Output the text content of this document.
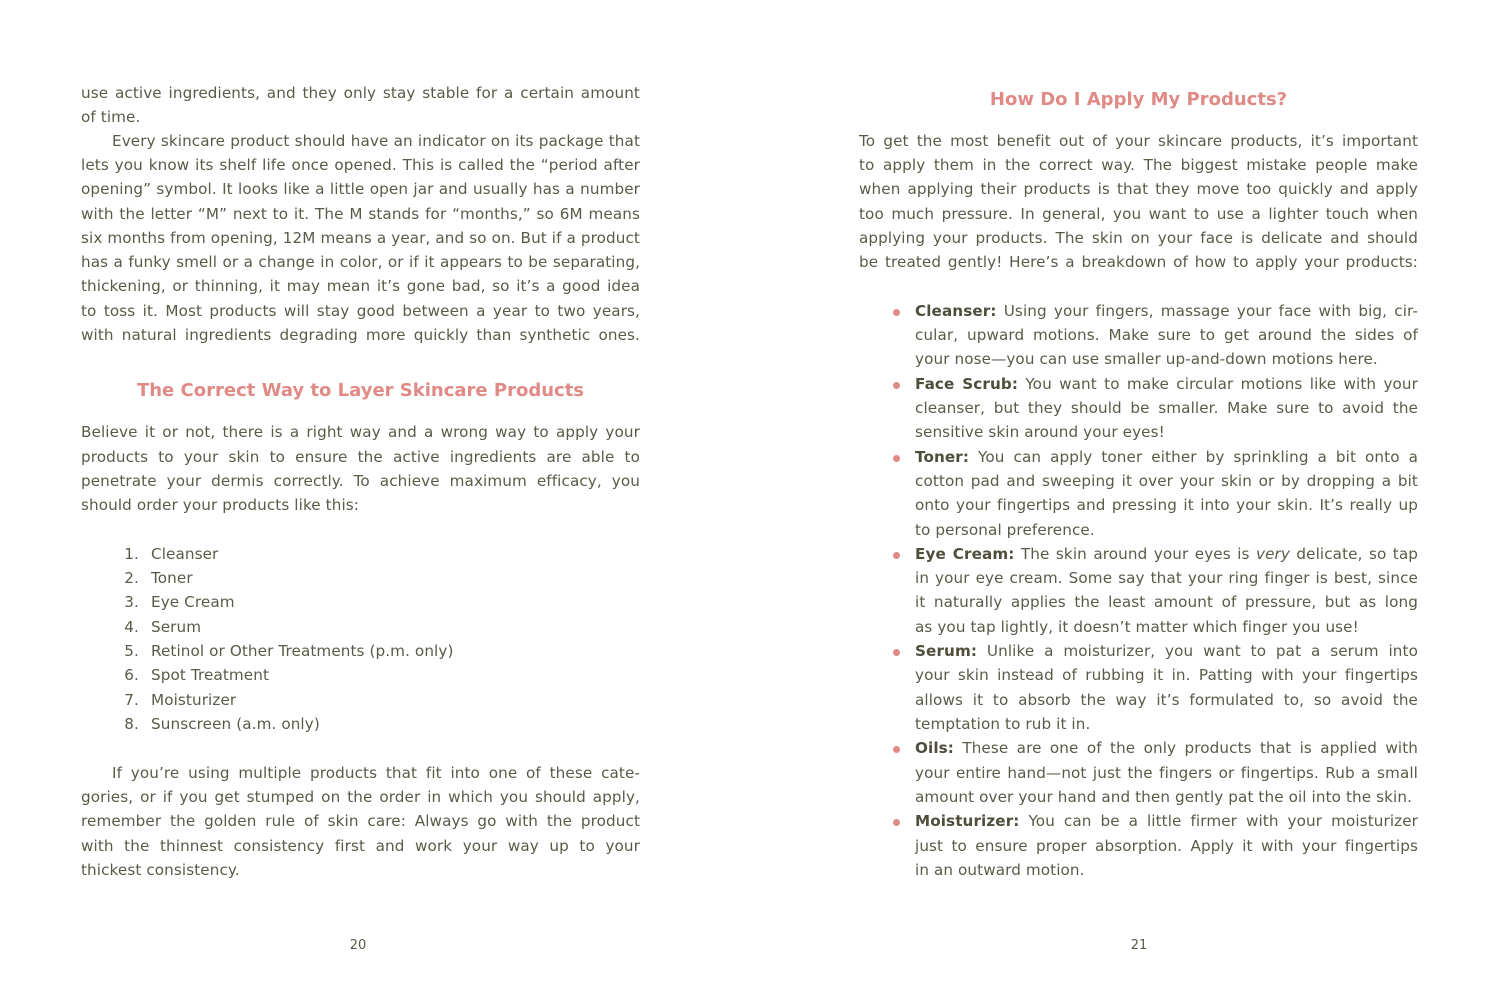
use active ingredients, and they only stay stable for a certain amount
of time.
Every skincare product should have an indicator on its package that
lets you know its shelf life once opened. This is called the “period after
opening” symbol. It looks like a little open jar and usually has a number
with the letter “M” next to it. The M stands for “months,” so 6M means
six months from opening, 12M means a year, and so on. But if a product
has a funky smell or a change in color, or if it appears to be separating,
thickening, or thinning, it may mean it’s gone bad, so it’s a good idea
to toss it. Most products will stay good between a year to two years,
with natural ingredients degrading more quickly than synthetic ones.
The Correct Way to Layer Skincare Products
Believe it or not, there is a right way and a wrong way to apply your
products to your skin to ensure the active ingredients are able to
penetrate your dermis correctly. To achieve maximum efficacy, you
should order your products like this:
1. Cleanser
2. Toner
3. Eye Cream
4. Serum
5. Retinol or Other Treatments (p.m. only)
6. Spot Treatment
7. Moisturizer
8. Sunscreen (a.m. only)
If you’re using multiple products that fit into one of these cate-
gories, or if you get stumped on the order in which you should apply,
remember the golden rule of skin care: Always go with the product
with the thinnest consistency first and work your way up to your
thickest consistency.
20
How Do I Apply My Products?
To get the most benefit out of your skincare products, it’s important
to apply them in the correct way. The biggest mistake people make
when applying their products is that they move too quickly and apply
too much pressure. In general, you want to use a lighter touch when
applying your products. The skin on your face is delicate and should
be treated gently! Here’s a breakdown of how to apply your products:
Cleanser: Using your fingers, massage your face with big, cir-
cular, upward motions. Make sure to get around the sides of
your nose—you can use smaller up-and-down motions here.
Face Scrub: You want to make circular motions like with your
cleanser, but they should be smaller. Make sure to avoid the
sensitive skin around your eyes!
Toner: You can apply toner either by sprinkling a bit onto a
cotton pad and sweeping it over your skin or by dropping a bit
onto your fingertips and pressing it into your skin. It’s really up
to personal preference.
Eye Cream: The skin around your eyes is very delicate, so tap
in your eye cream. Some say that your ring finger is best, since
it naturally applies the least amount of pressure, but as long
as you tap lightly, it doesn’t matter which finger you use!
Serum: Unlike a moisturizer, you want to pat a serum into
your skin instead of rubbing it in. Patting with your fingertips
allows it to absorb the way it’s formulated to, so avoid the
temptation to rub it in.
Oils: These are one of the only products that is applied with
your entire hand—not just the fingers or fingertips. Rub a small
amount over your hand and then gently pat the oil into the skin.
Moisturizer: You can be a little firmer with your moisturizer
just to ensure proper absorption. Apply it with your fingertips
in an outward motion.
21
